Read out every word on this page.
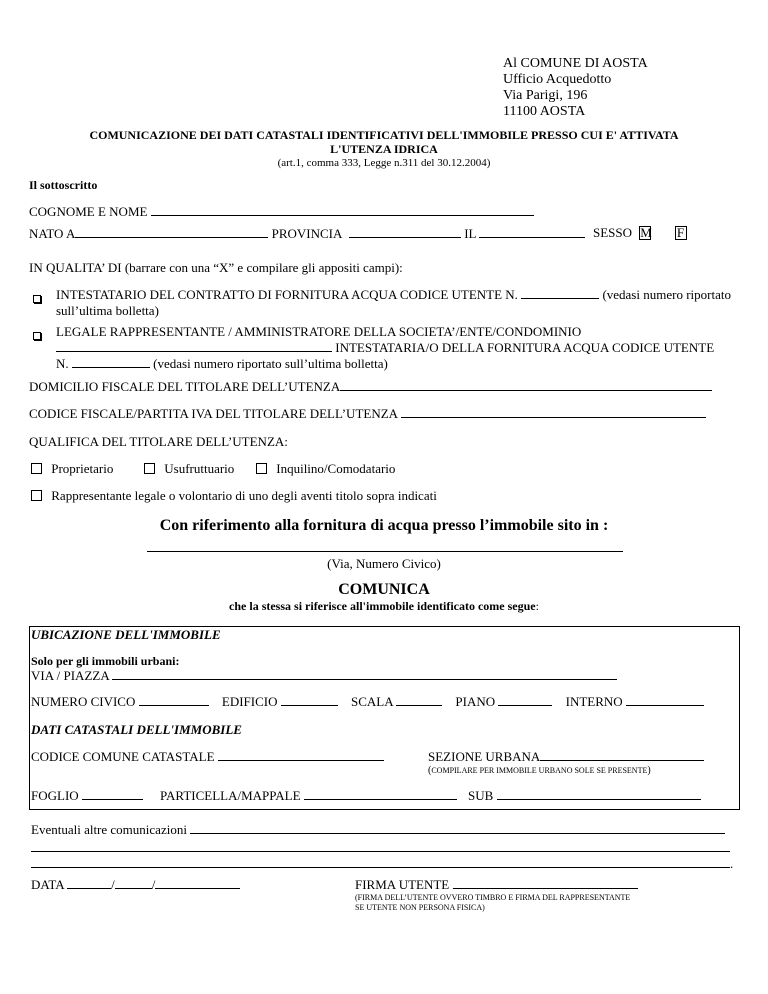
Al COMUNE DI AOSTA
Ufficio Acquedotto
Via Parigi, 196
11100 AOSTA
COMUNICAZIONE DEI DATI CATASTALI IDENTIFICATIVI DELL'IMMOBILE PRESSO CUI E' ATTIVATA
L'UTENZA IDRICA
(art.1, comma 333, Legge n.311 del 30.12.2004)
Il sottoscritto
COGNOME E NOME
NATO A	PROVINCIA	IL	SESSO M F
IN QUALITA’ DI (barrare con una “X” e compilare gli appositi campi):
INTESTATARIO DEL CONTRATTO DI FORNITURA ACQUA CODICE UTENTE N.	(vedasi numero riportato
sull’ultima bolletta)
LEGALE RAPPRESENTANTE / AMMINISTRATORE DELLA SOCIETA’/ENTE/CONDOMINIO
INTESTATARIA/O DELLA FORNITURA ACQUA CODICE UTENTE
N.	(vedasi numero riportato sull’ultima bolletta)
DOMICILIO FISCALE DEL TITOLARE DELL’UTENZA
CODICE FISCALE/PARTITA IVA DEL TITOLARE DELL’UTENZA
QUALIFICA DEL TITOLARE DELL’UTENZA:
Proprietario	Usufruttuario	Inquilino/Comodatario
Rappresentante legale o volontario di uno degli aventi titolo sopra indicati
Con riferimento alla fornitura di acqua presso l’immobile sito in :
(Via, Numero Civico)
COMUNICA
che la stessa si riferisce all'immobile identificato come segue:
UBICAZIONE DELL'IMMOBILE
Solo per gli immobili urbani:
VIA / PIAZZA
NUMERO CIVICO	EDIFICIO	SCALA	PIANO	INTERNO
DATI CATASTALI DELL'IMMOBILE
CODICE COMUNE CATASTALE	SEZIONE URBANA
(COMPILARE PER IMMOBILE URBANO SOLE SE PRESENTE)
FOGLIO	PARTICELLA/MAPPALE	SUB
Eventuali altre comunicazioni
.
DATA	/	/	FIRMA UTENTE
(FIRMA DELL’UTENTE OVVERO TIMBRO E FIRMA DEL RAPPRESENTANTE
SE UTENTE NON PERSONA FISICA)
